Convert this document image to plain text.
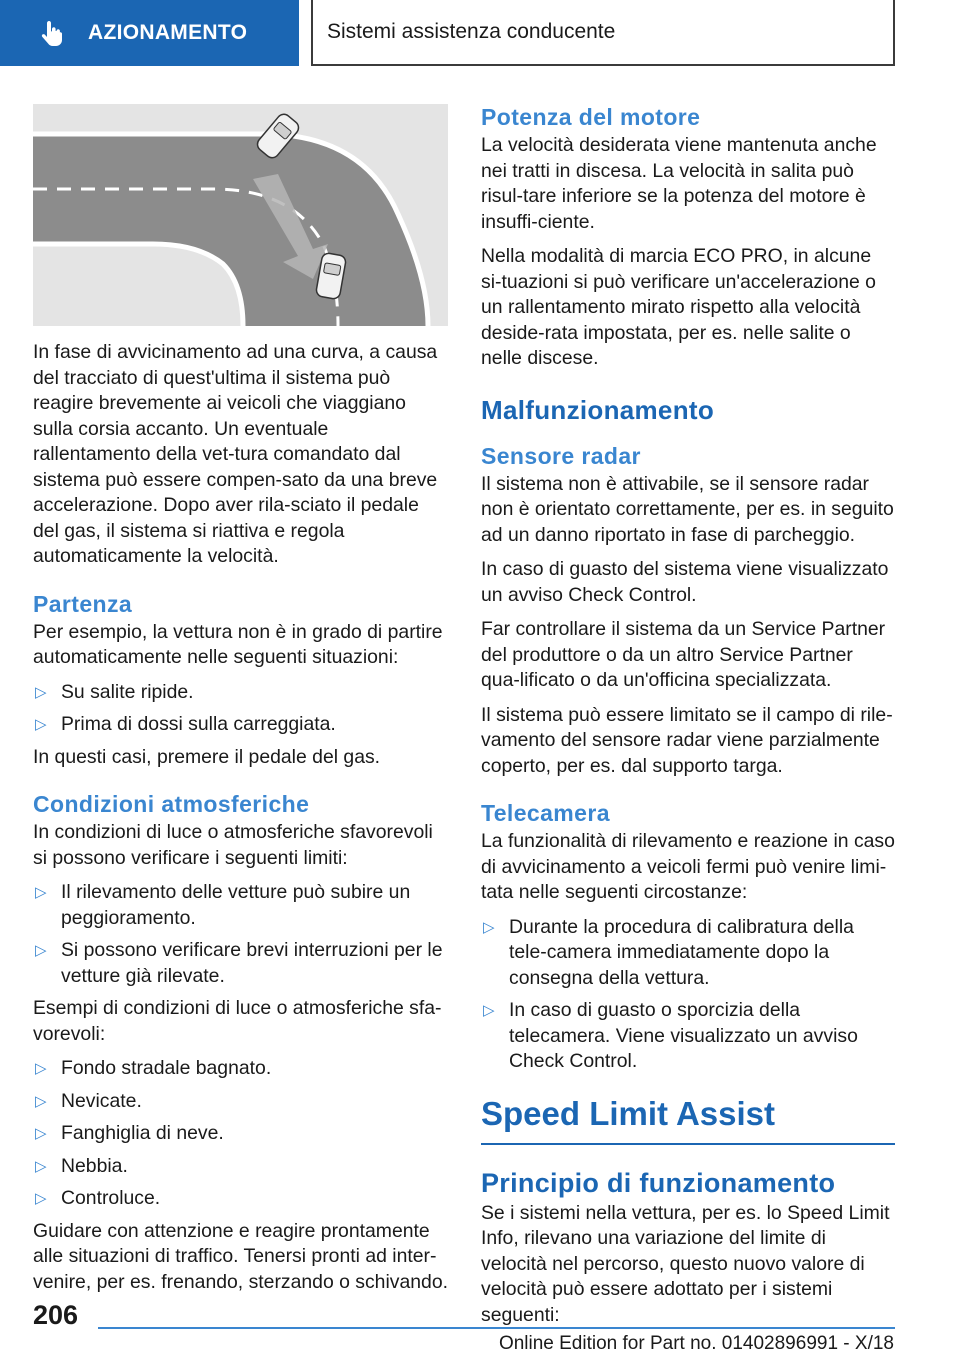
AZIONAMENTO	Sistemi assistenza conducente

In fase di avvicinamento ad una curva, a causa del tracciato di quest'ultima il sistema può reagire brevemente ai veicoli che viaggiano sulla corsia accanto. Un eventuale rallentamento della vet-tura comandato dal sistema può essere compen-sato da una breve accelerazione. Dopo aver rila-sciato il pedale del gas, il sistema si riattiva e regola automaticamente la velocità.

Partenza

Per esempio, la vettura non è in grado di partire automaticamente nelle seguenti situazioni:

▷ Su salite ripide.
▷ Prima di dossi sulla carreggiata.

In questi casi, premere il pedale del gas.

Condizioni atmosferiche

In condizioni di luce o atmosferiche sfavorevoli si possono verificare i seguenti limiti:

▷ Il rilevamento delle vetture può subire un peggioramento.
▷ Si possono verificare brevi interruzioni per le vetture già rilevate.

Esempi di condizioni di luce o atmosferiche sfa-vorevoli:

▷ Fondo stradale bagnato.
▷ Nevicate.
▷ Fanghiglia di neve.
▷ Nebbia.
▷ Controluce.

Guidare con attenzione e reagire prontamente alle situazioni di traffico. Tenersi pronti ad inter-venire, per es. frenando, sterzando o schivando.

Potenza del motore

La velocità desiderata viene mantenuta anche nei tratti in discesa. La velocità in salita può risul-tare inferiore se la potenza del motore è insuffi-ciente.

Nella modalità di marcia ECO PRO, in alcune si-tuazioni si può verificare un'accelerazione o un rallentamento mirato rispetto alla velocità deside-rata impostata, per es. nelle salite o nelle discese.

Malfunzionamento
Sensore radar

Il sistema non è attivabile, se il sensore radar non è orientato correttamente, per es. in seguito ad un danno riportato in fase di parcheggio.

In caso di guasto del sistema viene visualizzato un avviso Check Control.

Far controllare il sistema da un Service Partner del produttore o da un altro Service Partner qua-lificato o da un'officina specializzata.

Il sistema può essere limitato se il campo di rile-vamento del sensore radar viene parzialmente coperto, per es. dal supporto targa.

Telecamera

La funzionalità di rilevamento e reazione in caso di avvicinamento a veicoli fermi può venire limi-tata nelle seguenti circostanze:

▷ Durante la procedura di calibratura della tele-camera immediatamente dopo la consegna della vettura.
▷ In caso di guasto o sporcizia della telecamera. Viene visualizzato un avviso Check Control.
Speed Limit Assist
Principio di funzionamento

Se i sistemi nella vettura, per es. lo Speed Limit Info, rilevano una variazione del limite di velocità nel percorso, questo nuovo valore di velocità può essere adottato per i sistemi seguenti:

206
Online Edition for Part no. 01402896991 - X/18
